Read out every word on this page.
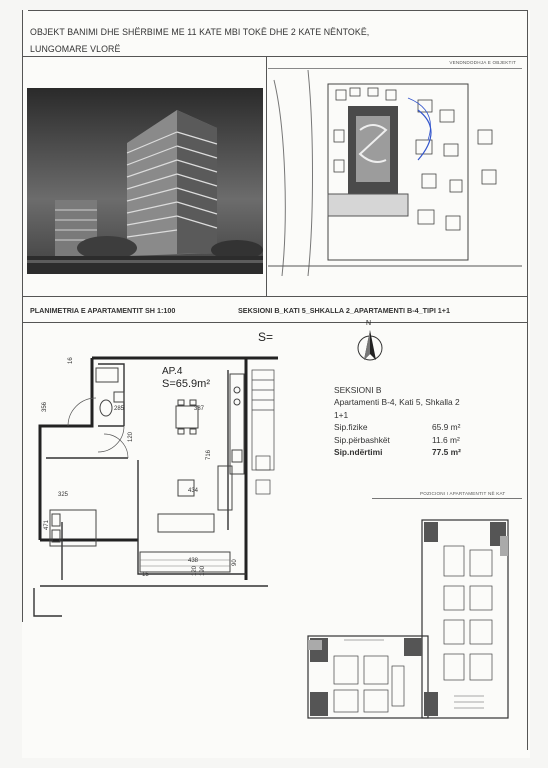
OBJEKT BANIMI DHE SHËRBIME ME 11 KATE MBI TOKË DHE 2 KATE NËNTOKË,
LUNGOMARE VLORË
VENDNDODHJA E OBJEKTIT
PLANIMETRIA E APARTAMENTIT SH 1:100	SEKSIONI B_KATI 5_SHKALLA 2_APARTAMENTI B-4_TIPI 1+1
16
356	285
120
387
716
325
434
471
438
15	120 190
90
AP.4
S=65.9m²
S=
N
SEKSIONI B
Apartamenti B-4, Kati 5, Shkalla 2
1+1
Sip.fizike	65.9 m²
Sip.përbashkët	11.6 m²
Sip.ndërtimi	77.5 m²
POZICIONI I APARTAMENTIT NË KAT
